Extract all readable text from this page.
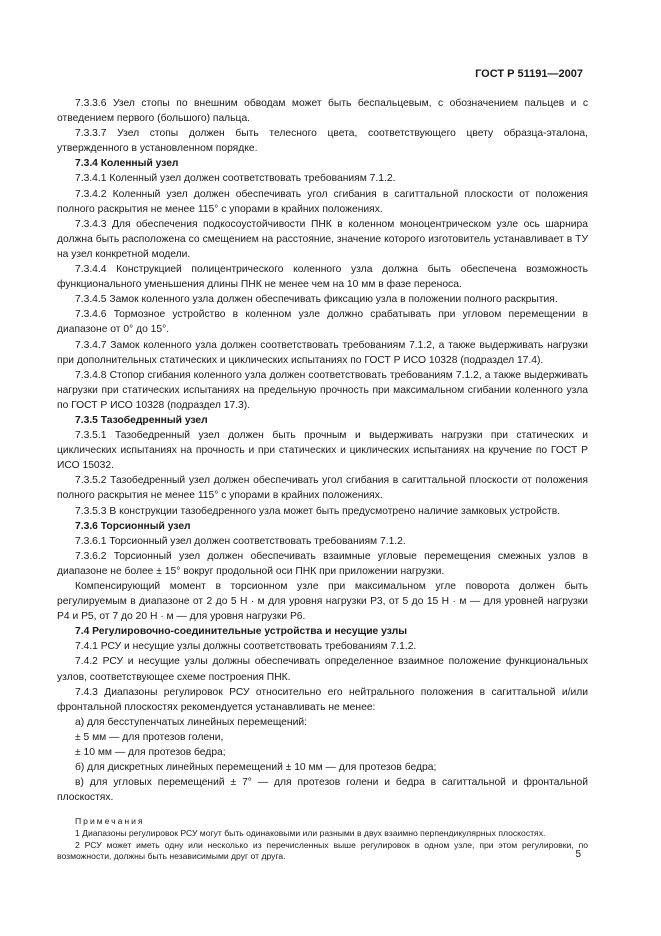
ГОСТ Р 51191—2007

7.3.3.6 Узел стопы по внешним обводам может быть беспальцевым, с обозначением пальцев и с отведением первого (большого) пальца.

7.3.3.7 Узел стопы должен быть телесного цвета, соответствующего цвету образца-эталона, утвержденного в установленном порядке.

7.3.4 Коленный узел

7.3.4.1 Коленный узел должен соответствовать требованиям 7.1.2.

7.3.4.2 Коленный узел должен обеспечивать угол сгибания в сагиттальной плоскости от положения полного раскрытия не менее 115° с упорами в крайних положениях.

7.3.4.3 Для обеспечения подкосоустойчивости ПНК в коленном моноцентрическом узле ось шарнира должна быть расположена со смещением на расстояние, значение которого изготовитель устанавливает в ТУ на узел конкретной модели.

7.3.4.4 Конструкцией полицентрического коленного узла должна быть обеспечена возможность функционального уменьшения длины ПНК не менее чем на 10 мм в фазе переноса.

7.3.4.5 Замок коленного узла должен обеспечивать фиксацию узла в положении полного раскрытия.

7.3.4.6 Тормозное устройство в коленном узле должно срабатывать при угловом перемещении в диапазоне от 0° до 15°.

7.3.4.7 Замок коленного узла должен соответствовать требованиям 7.1.2, а также выдерживать нагрузки при дополнительных статических и циклических испытаниях по ГОСТ Р ИСО 10328 (подраздел 17.4).

7.3.4.8 Стопор сгибания коленного узла должен соответствовать требованиям 7.1.2, а также выдерживать нагрузки при статических испытаниях на предельную прочность при максимальном сгибании коленного узла по ГОСТ Р ИСО 10328 (подраздел 17.3).

7.3.5 Тазобедренный узел

7.3.5.1 Тазобедренный узел должен быть прочным и выдерживать нагрузки при статических и циклических испытаниях на прочность и при статических и циклических испытаниях на кручение по ГОСТ Р ИСО 15032.

7.3.5.2 Тазобедренный узел должен обеспечивать угол сгибания в сагиттальной плоскости от положения полного раскрытия не менее 115° с упорами в крайних положениях.

7.3.5.3 В конструкции тазобедренного узла может быть предусмотрено наличие замковых устройств.

7.3.6 Торсионный узел

7.3.6.1 Торсионный узел должен соответствовать требованиям 7.1.2.

7.3.6.2 Торсионный узел должен обеспечивать взаимные угловые перемещения смежных узлов в диапазоне не более ± 15° вокруг продольной оси ПНК при приложении нагрузки.

Компенсирующий момент в торсионном узле при максимальном угле поворота должен быть регулируемым в диапазоне от 2 до 5 Н · м для уровня нагрузки Р3, от 5 до 15 Н · м — для уровней нагрузки Р4 и Р5, от 7 до 20 Н · м — для уровня нагрузки Р6.

7.4 Регулировочно-соединительные устройства и несущие узлы

7.4.1 РСУ и несущие узлы должны соответствовать требованиям 7.1.2.

7.4.2 РСУ и несущие узлы должны обеспечивать определенное взаимное положение функциональных узлов, соответствующее схеме построения ПНК.

7.4.3 Диапазоны регулировок РСУ относительно его нейтрального положения в сагиттальной и/или фронтальной плоскостях рекомендуется устанавливать не менее:

а) для бесступенчатых линейных перемещений:

± 5 мм — для протезов голени,

± 10 мм — для протезов бедра;

б) для дискретных линейных перемещений ± 10 мм — для протезов бедра;

в) для угловых перемещений ± 7° — для протезов голени и бедра в сагиттальной и фронтальной плоскостях.

Примечания

1 Диапазоны регулировок РСУ могут быть одинаковыми или разными в двух взаимно перпендикулярных плоскостях.

2 РСУ может иметь одну или несколько из перечисленных выше регулировок в одном узле, при этом регулировки, по возможности, должны быть независимыми друг от друга.	5
